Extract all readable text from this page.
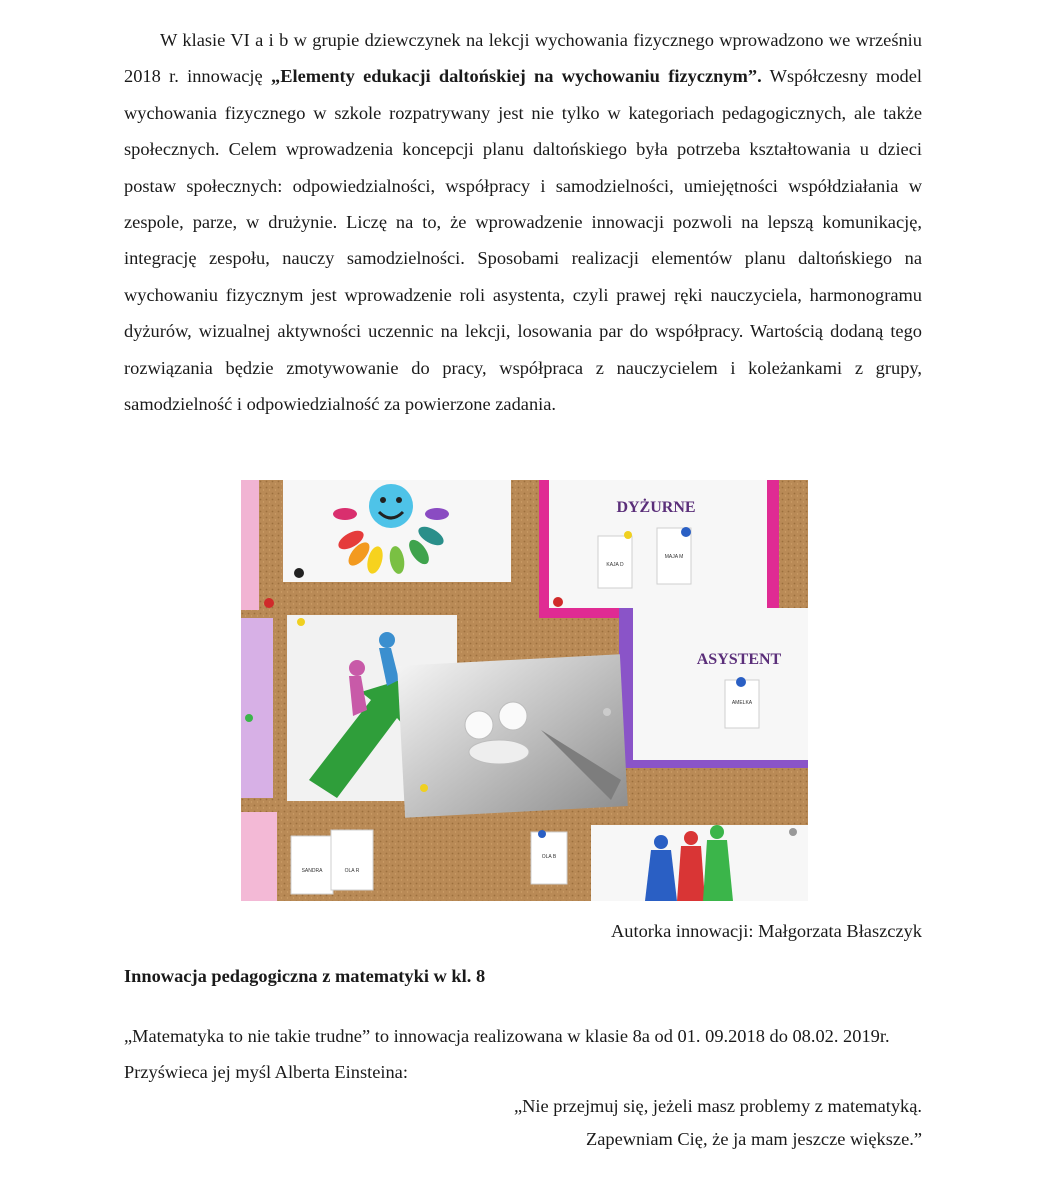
W klasie VI a i b w grupie dziewczynek na lekcji wychowania fizycznego wprowadzono we wrześniu 2018 r. innowację „Elementy edukacji daltońskiej na wychowaniu fizycznym”. Współczesny model wychowania fizycznego w szkole rozpatrywany jest nie tylko w kategoriach pedagogicznych, ale także społecznych. Celem wprowadzenia koncepcji planu daltońskiego była potrzeba kształtowania u dzieci postaw społecznych: odpowiedzialności, współpracy i samodzielności, umiejętności współdziałania w zespole, parze, w drużynie. Liczę na to, że wprowadzenie innowacji pozwoli na lepszą komunikację, integrację zespołu, nauczy samodzielności. Sposobami realizacji elementów planu daltońskiego na wychowaniu fizycznym jest wprowadzenie roli asystenta, czyli prawej ręki nauczyciela, harmonogramu dyżurów, wizualnej aktywności uczennic na lekcji, losowania par do współpracy. Wartością dodaną tego rozwiązania będzie zmotywowanie do pracy, współpraca z nauczycielem i koleżankami z grupy, samodzielność i odpowiedzialność za powierzone zadania.

DYŻURNE
KAJA D
MAJA M
ASYSTENT
AMELKA
SANDRA	OLA R
OLA B
Autorka innowacji: Małgorzata Błaszczyk
Innowacja pedagogiczna z matematyki w kl. 8

„Matematyka to nie takie trudne” to innowacja realizowana w klasie 8a od 01. 09.2018 do 08.02. 2019r. Przyświeca jej myśl Alberta Einsteina:

„Nie przejmuj się, jeżeli masz problemy z matematyką.
Zapewniam Cię, że ja mam jeszcze większe.”
